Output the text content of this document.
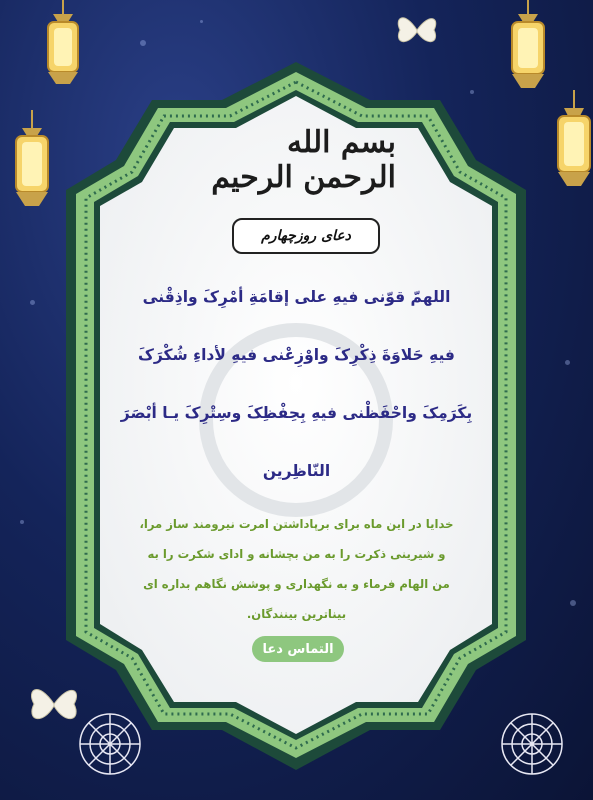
بسم الله الرحمن الرحیم
دعای روزچهارم
اللهمّ قوّنی فیهِ علی إقامَةِ أمْرِکَ واذِقْنی
فیهِ حَلاوَةَ ذِکْرِکَ واوْزِعْنی فیهِ لأداءِ شُکْرَکَ
بِکَرَمِکَ واحْفَظْنی فیهِ بِحِفْظِکَ وسِتْرِکَ یـا أبْصَرَ
النّاظِرین
خدایا در این ماه برای برپاداشتن امرت نیرومند ساز مرا،
و شیرینی ذکرت را به من بچشانه و ادای شکرت را به
من الهام فرماء و به نگهداری و پوشش نگاهم بداره ای
بیناترین بینندگان.
التماس دعا
